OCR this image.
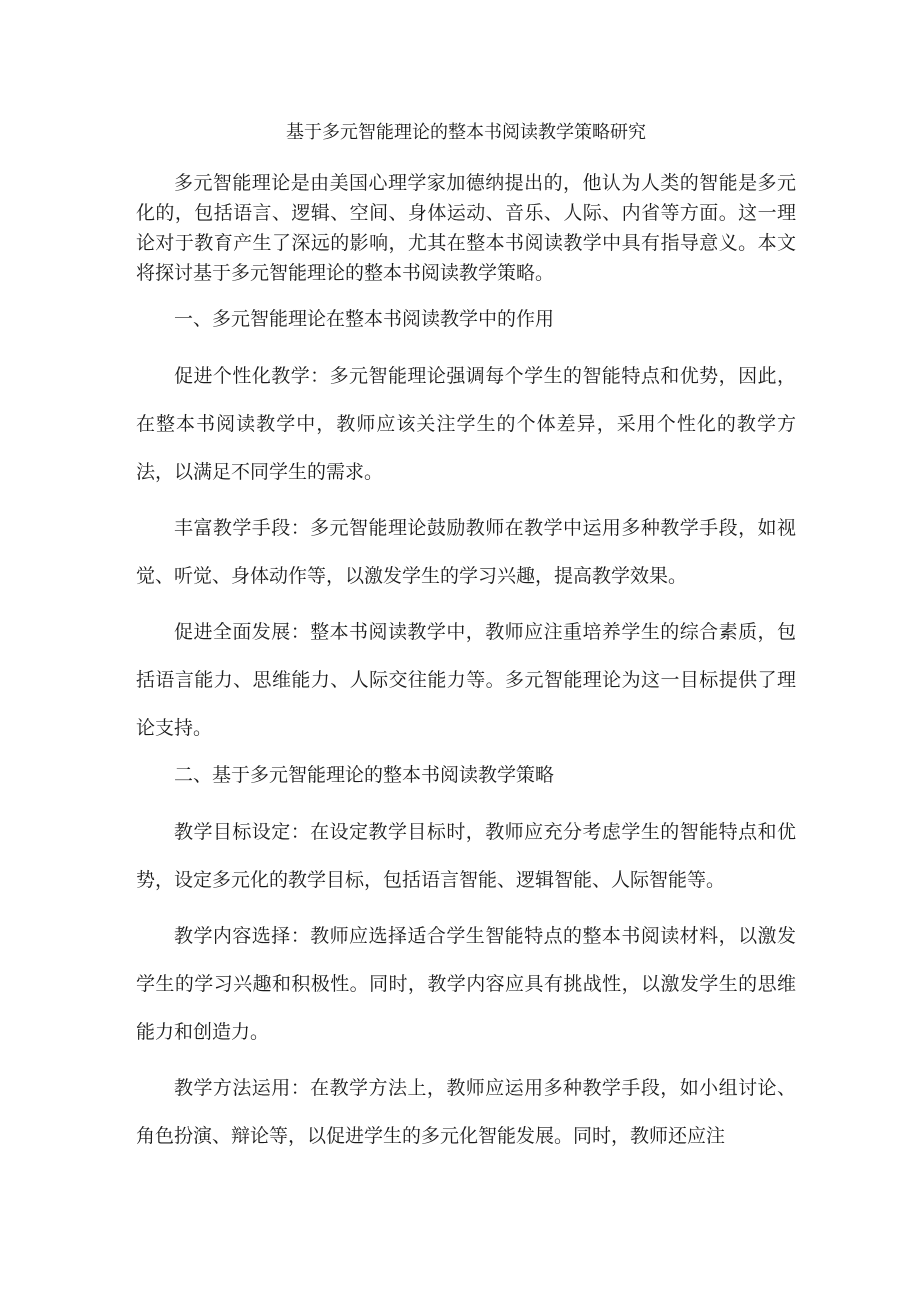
基于多元智能理论的整本书阅读教学策略研究

多元智能理论是由美国心理学家加德纳提出的，他认为人类的智能是多元化的，包括语言、逻辑、空间、身体运动、音乐、人际、内省等方面。这一理论对于教育产生了深远的影响，尤其在整本书阅读教学中具有指导意义。本文将探讨基于多元智能理论的整本书阅读教学策略。

一、多元智能理论在整本书阅读教学中的作用

促进个性化教学：多元智能理论强调每个学生的智能特点和优势，因此，在整本书阅读教学中，教师应该关注学生的个体差异，采用个性化的教学方法，以满足不同学生的需求。

丰富教学手段：多元智能理论鼓励教师在教学中运用多种教学手段，如视觉、听觉、身体动作等，以激发学生的学习兴趣，提高教学效果。

促进全面发展：整本书阅读教学中，教师应注重培养学生的综合素质，包括语言能力、思维能力、人际交往能力等。多元智能理论为这一目标提供了理论支持。

二、基于多元智能理论的整本书阅读教学策略

教学目标设定：在设定教学目标时，教师应充分考虑学生的智能特点和优势，设定多元化的教学目标，包括语言智能、逻辑智能、人际智能等。

教学内容选择：教师应选择适合学生智能特点的整本书阅读材料，以激发学生的学习兴趣和积极性。同时，教学内容应具有挑战性，以激发学生的思维能力和创造力。

教学方法运用：在教学方法上，教师应运用多种教学手段，如小组讨论、角色扮演、辩论等，以促进学生的多元化智能发展。同时，教师还应注
